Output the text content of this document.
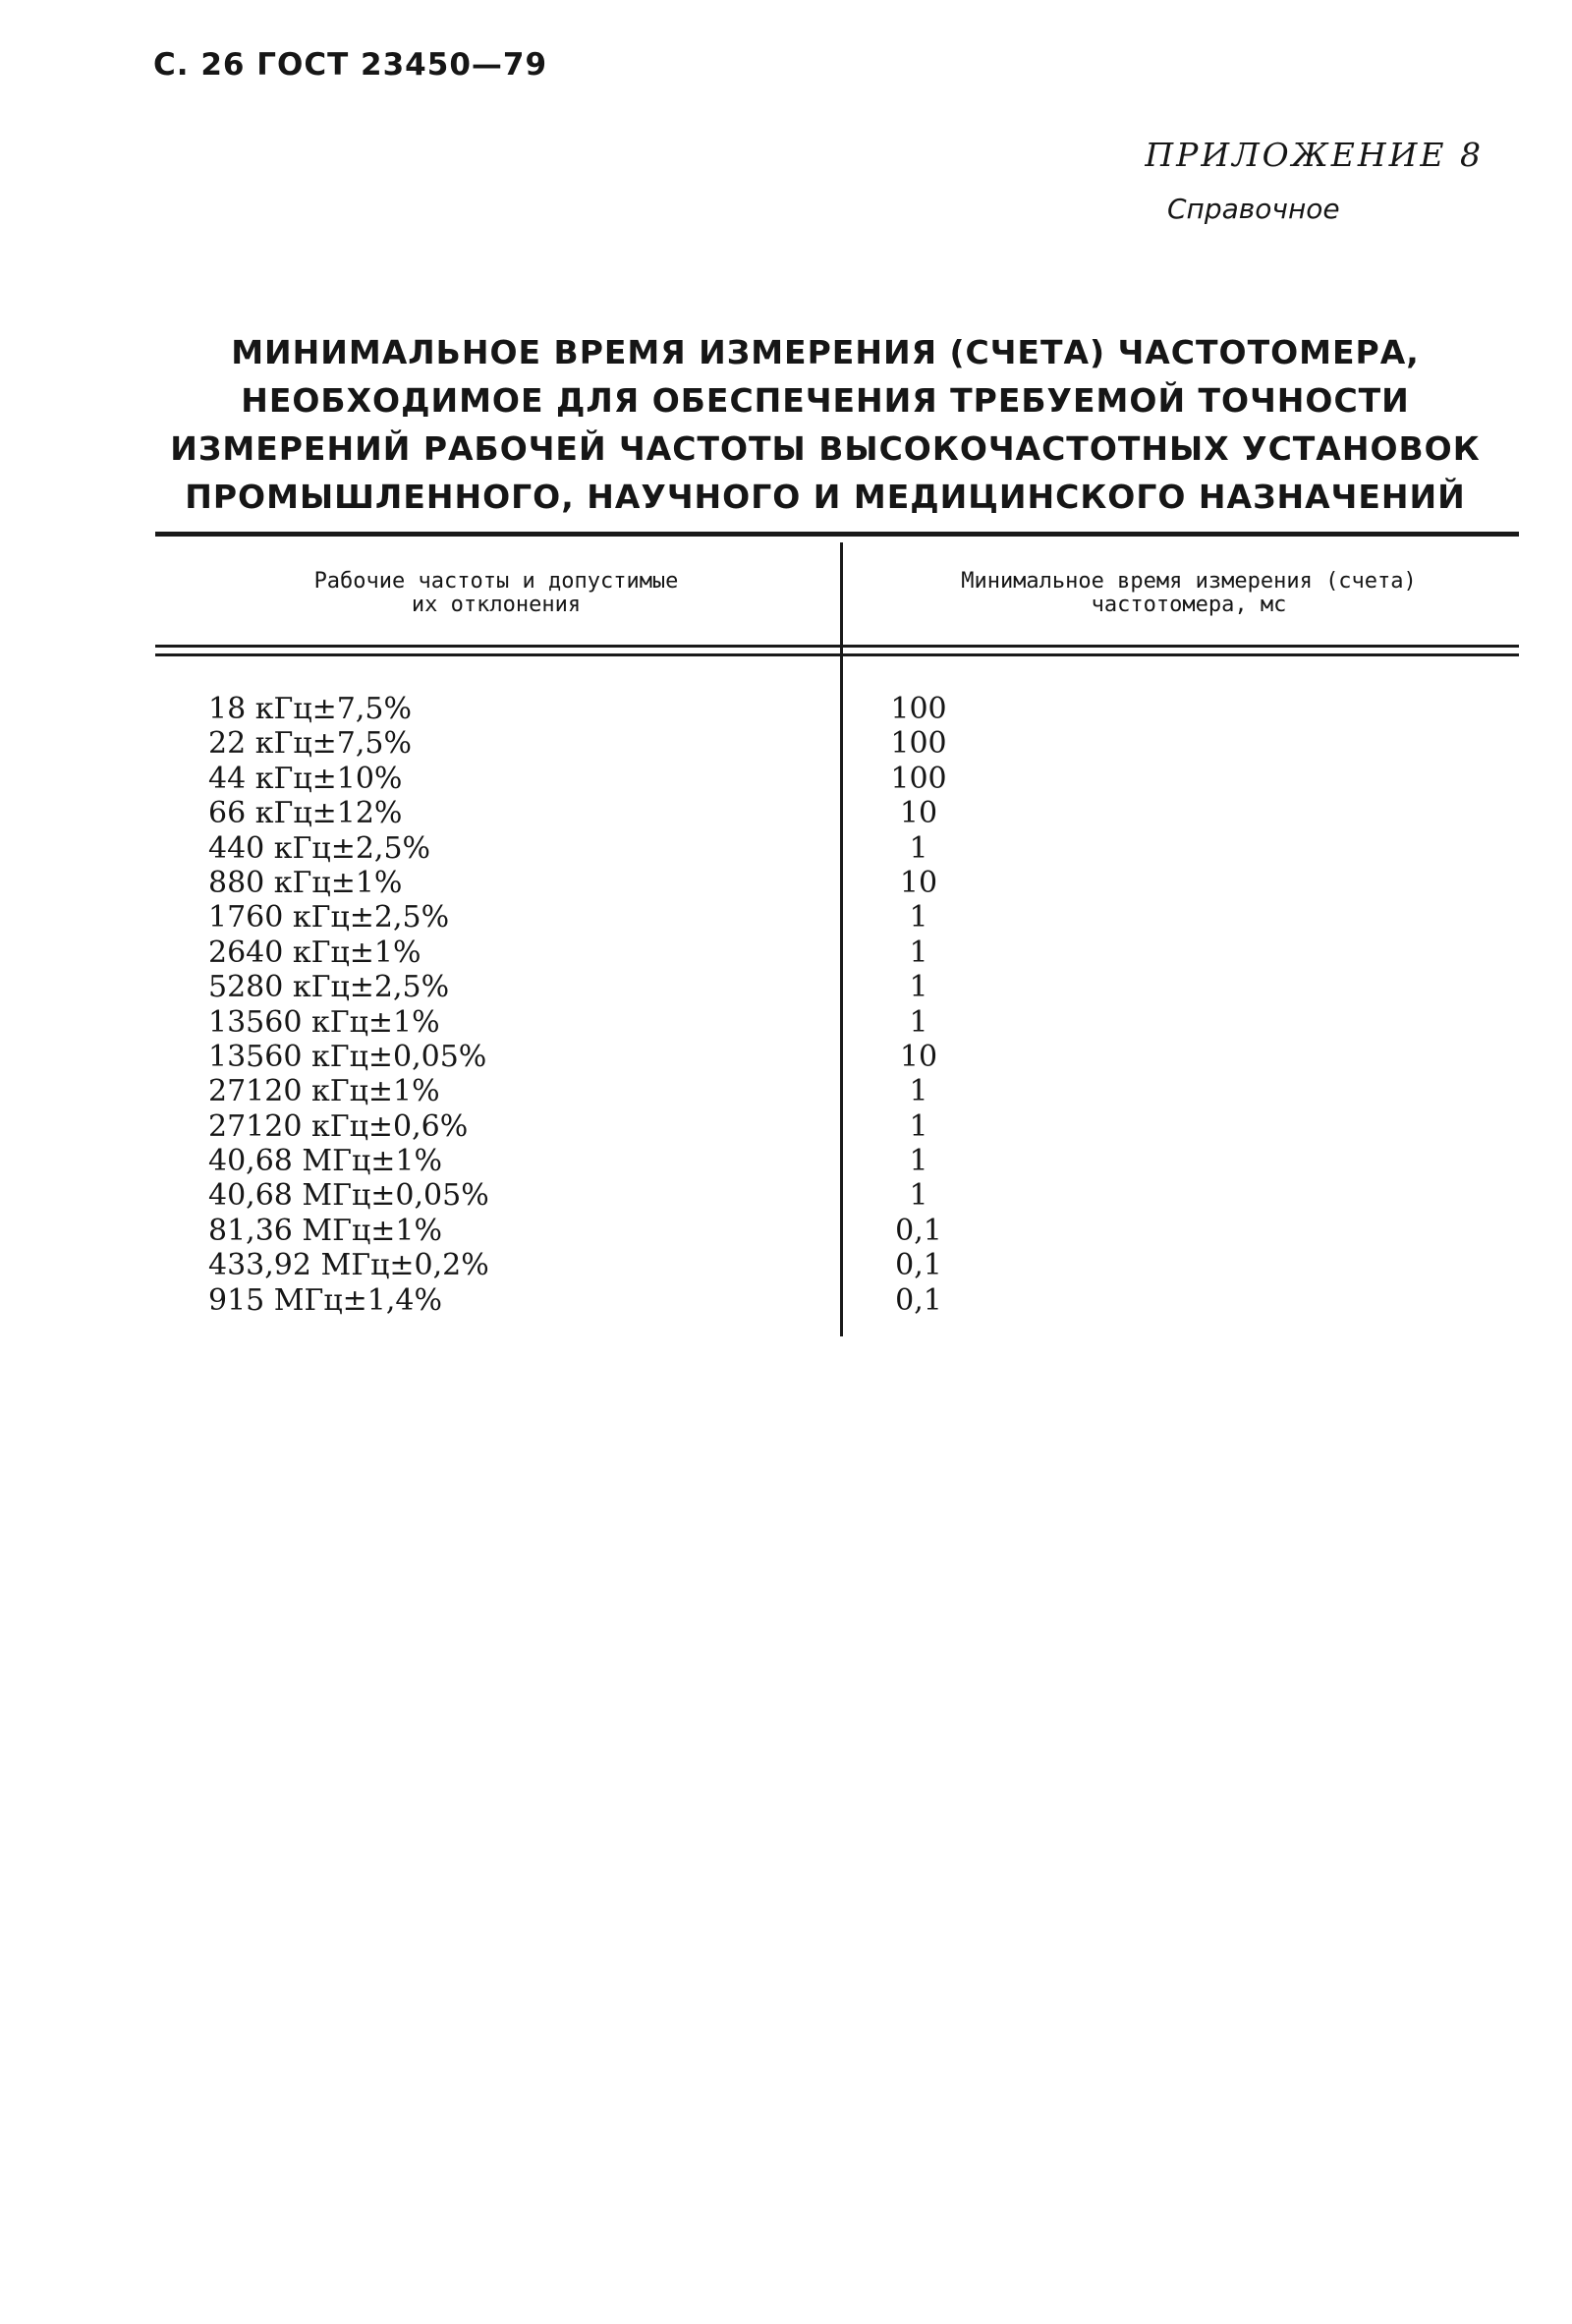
С. 26 ГОСТ 23450—79
ПРИЛОЖЕНИЕ 8
Справочное
МИНИМАЛЬНОЕ ВРЕМЯ ИЗМЕРЕНИЯ (СЧЕТА) ЧАСТОТОМЕРА,
НЕОБХОДИМОЕ ДЛЯ ОБЕСПЕЧЕНИЯ ТРЕБУЕМОЙ ТОЧНОСТИ
ИЗМЕРЕНИЙ РАБОЧЕЙ ЧАСТОТЫ ВЫСОКОЧАСТОТНЫХ УСТАНОВОК
ПРОМЫШЛЕННОГО, НАУЧНОГО И МЕДИЦИНСКОГО НАЗНАЧЕНИЙ
Рабочие частоты и допустимые
их отклонения
Минимальное время измерения (счета)
частотомера, мс
18 кГц±7,5%	100
22 кГц±7,5%	100
44 кГц±10%	100
66 кГц±12%	10
440 кГц±2,5%	1
880 кГц±1%	10
1760 кГц±2,5%	1
2640 кГц±1%	1
5280 кГц±2,5%	1
13560 кГц±1%	1
13560 кГц±0,05%	10
27120 кГц±1%	1
27120 кГц±0,6%	1
40,68 МГц±1%	1
40,68 МГц±0,05%	1
81,36 МГц±1%	0,1
433,92 МГц±0,2%	0,1
915 МГц±1,4%	0,1
